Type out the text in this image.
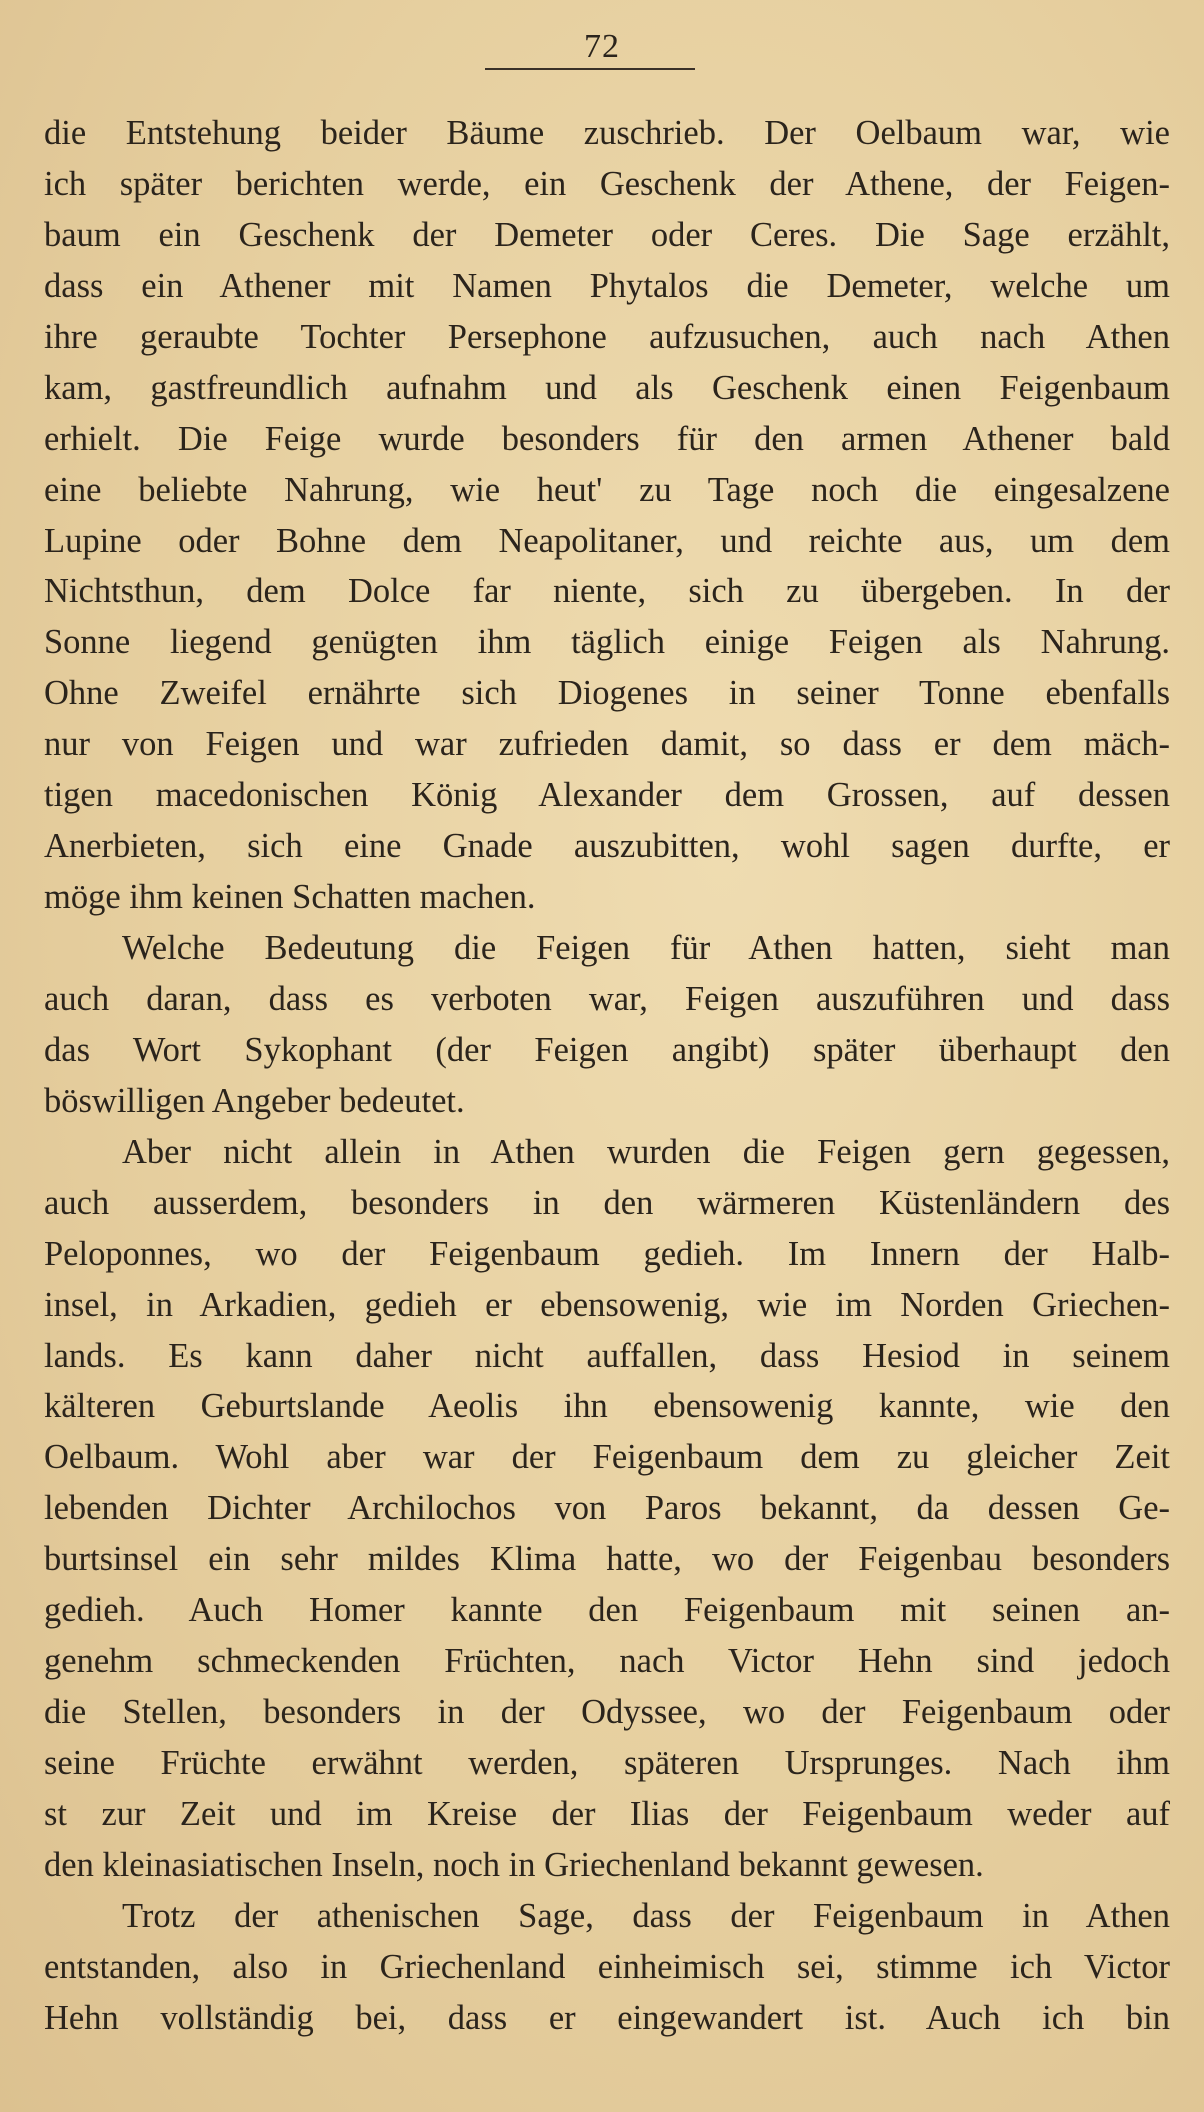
72

die Entstehung beider Bäume zuschrieb. Der Oelbaum war, wie
ich später berichten werde, ein Geschenk der Athene, der Feigen-
baum ein Geschenk der Demeter oder Ceres. Die Sage erzählt,
dass ein Athener mit Namen Phytalos die Demeter, welche um
ihre geraubte Tochter Persephone aufzusuchen, auch nach Athen
kam, gastfreundlich aufnahm und als Geschenk einen Feigenbaum
erhielt. Die Feige wurde besonders für den armen Athener bald
eine beliebte Nahrung, wie heut' zu Tage noch die eingesalzene
Lupine oder Bohne dem Neapolitaner, und reichte aus, um dem
Nichtsthun, dem Dolce far niente, sich zu übergeben. In der
Sonne liegend genügten ihm täglich einige Feigen als Nahrung.
Ohne Zweifel ernährte sich Diogenes in seiner Tonne ebenfalls
nur von Feigen und war zufrieden damit, so dass er dem mäch-
tigen macedonischen König Alexander dem Grossen, auf dessen
Anerbieten, sich eine Gnade auszubitten, wohl sagen durfte, er
möge ihm keinen Schatten machen.

Welche Bedeutung die Feigen für Athen hatten, sieht man
auch daran, dass es verboten war, Feigen auszuführen und dass
das Wort Sykophant (der Feigen angibt) später überhaupt den
böswilligen Angeber bedeutet.

Aber nicht allein in Athen wurden die Feigen gern gegessen,
auch ausserdem, besonders in den wärmeren Küstenländern des
Peloponnes, wo der Feigenbaum gedieh. Im Innern der Halb-
insel, in Arkadien, gedieh er ebensowenig, wie im Norden Griechen-
lands. Es kann daher nicht auffallen, dass Hesiod in seinem
kälteren Geburtslande Aeolis ihn ebensowenig kannte, wie den
Oelbaum. Wohl aber war der Feigenbaum dem zu gleicher Zeit
lebenden Dichter Archilochos von Paros bekannt, da dessen Ge-
burtsinsel ein sehr mildes Klima hatte, wo der Feigenbau besonders
gedieh. Auch Homer kannte den Feigenbaum mit seinen an-
genehm schmeckenden Früchten, nach Victor Hehn sind jedoch
die Stellen, besonders in der Odyssee, wo der Feigenbaum oder
seine Früchte erwähnt werden, späteren Ursprunges. Nach ihm
st zur Zeit und im Kreise der Ilias der Feigenbaum weder auf
den kleinasiatischen Inseln, noch in Griechenland bekannt gewesen.

Trotz der athenischen Sage, dass der Feigenbaum in Athen
entstanden, also in Griechenland einheimisch sei, stimme ich Victor
Hehn vollständig bei, dass er eingewandert ist. Auch ich bin
